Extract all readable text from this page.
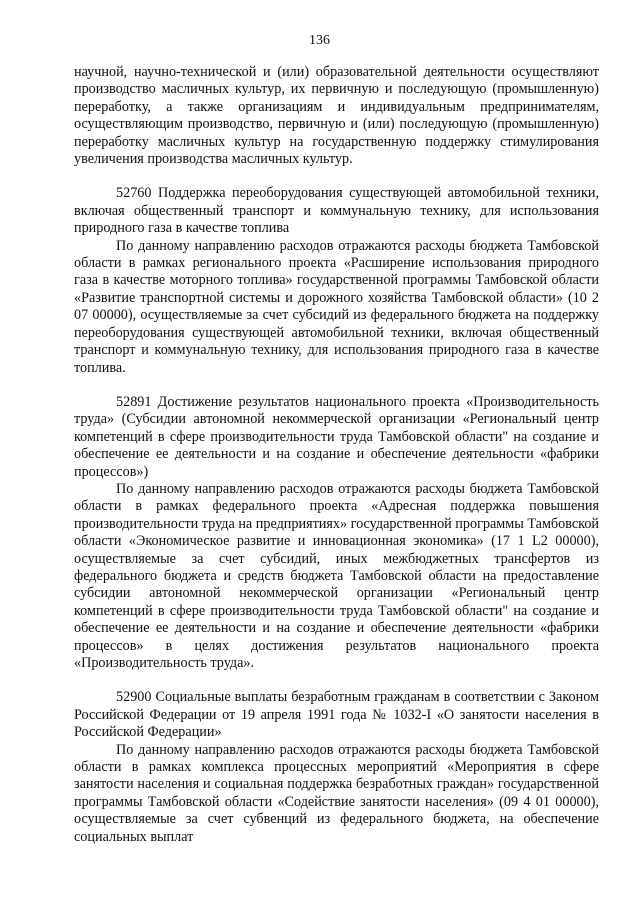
136

научной, научно-технической и (или) образовательной деятельности осуществляют производство масличных культур, их первичную и последующую (промышленную) переработку, а также организациям и индивидуальным предпринимателям, осуществляющим производство, первичную и (или) последующую (промышленную) переработку масличных культур на государственную поддержку стимулирования увеличения производства масличных культур.

52760 Поддержка переоборудования существующей автомобильной техники, включая общественный транспорт и коммунальную технику, для использования природного газа в качестве топлива

По данному направлению расходов отражаются расходы бюджета Тамбовской области в рамках регионального проекта «Расширение использования природного газа в качестве моторного топлива» государственной программы Тамбовской области «Развитие транспортной системы и дорожного хозяйства Тамбовской области» (10 2 07 00000), осуществляемые за счет субсидий из федерального бюджета на поддержку переоборудования существующей автомобильной техники, включая общественный транспорт и коммунальную технику, для использования природного газа в качестве топлива.

52891 Достижение результатов национального проекта «Производительность труда» (Субсидии автономной некоммерческой организации «Региональный центр компетенций в сфере производительности труда Тамбовской области" на создание и обеспечение ее деятельности и на создание и обеспечение деятельности «фабрики процессов»)

По данному направлению расходов отражаются расходы бюджета Тамбовской области в рамках федерального проекта «Адресная поддержка повышения производительности труда на предприятиях» государственной программы Тамбовской области «Экономическое развитие и инновационная экономика» (17 1 L2 00000), осуществляемые за счет субсидий, иных межбюджетных трансфертов из федерального бюджета и средств бюджета Тамбовской области на предоставление субсидии автономной некоммерческой организации «Региональный центр компетенций в сфере производительности труда Тамбовской области" на создание и обеспечение ее деятельности и на создание и обеспечение деятельности «фабрики процессов» в целях достижения результатов национального проекта «Производительность труда».

52900 Социальные выплаты безработным гражданам в соответствии с Законом Российской Федерации от 19 апреля 1991 года № 1032-I «О занятости населения в Российской Федерации»

По данному направлению расходов отражаются расходы бюджета Тамбовской области в рамках комплекса процессных мероприятий «Мероприятия в сфере занятости населения и социальная поддержка безработных граждан» государственной программы Тамбовской области «Содействие занятости населения» (09 4 01 00000), осуществляемые за счет субвенций из федерального бюджета, на обеспечение социальных выплат
